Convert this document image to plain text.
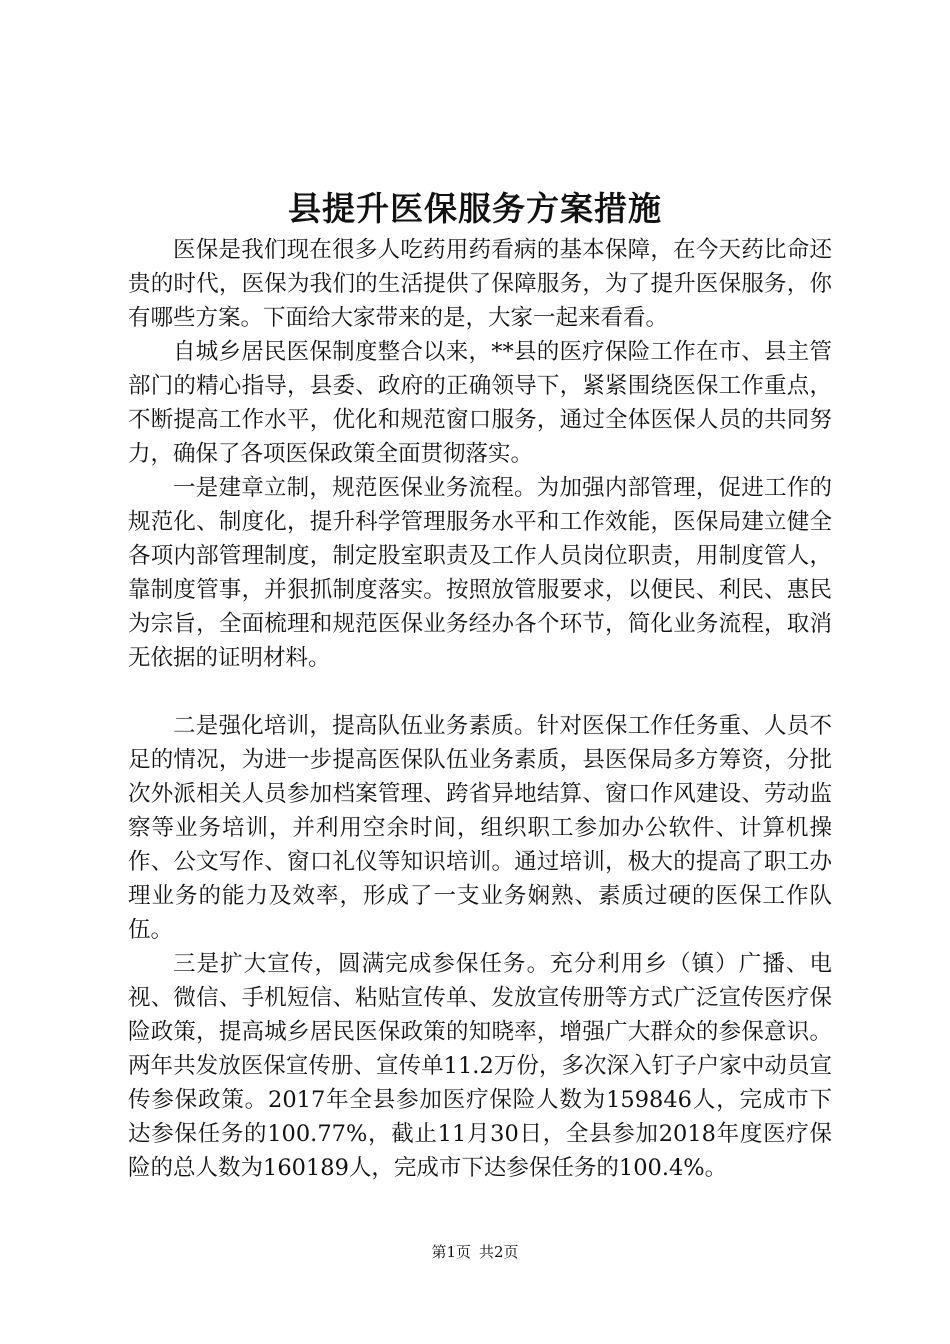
县提升医保服务方案措施

医保是我们现在很多人吃药用药看病的基本保障，在今天药比命还贵的时代，医保为我们的生活提供了保障服务，为了提升医保服务，你有哪些方案。下面给大家带来的是，大家一起来看看。

自城乡居民医保制度整合以来，**县的医疗保险工作在市、县主管部门的精心指导，县委、政府的正确领导下，紧紧围绕医保工作重点，不断提高工作水平，优化和规范窗口服务，通过全体医保人员的共同努力，确保了各项医保政策全面贯彻落实。

一是建章立制，规范医保业务流程。为加强内部管理，促进工作的规范化、制度化，提升科学管理服务水平和工作效能，医保局建立健全各项内部管理制度，制定股室职责及工作人员岗位职责，用制度管人，靠制度管事，并狠抓制度落实。按照放管服要求，以便民、利民、惠民为宗旨，全面梳理和规范医保业务经办各个环节，简化业务流程，取消无依据的证明材料。

二是强化培训，提高队伍业务素质。针对医保工作任务重、人员不足的情况，为进一步提高医保队伍业务素质，县医保局多方筹资，分批次外派相关人员参加档案管理、跨省异地结算、窗口作风建设、劳动监察等业务培训，并利用空余时间，组织职工参加办公软件、计算机操作、公文写作、窗口礼仪等知识培训。通过培训，极大的提高了职工办理业务的能力及效率，形成了一支业务娴熟、素质过硬的医保工作队伍。

三是扩大宣传，圆满完成参保任务。充分利用乡（镇）广播、电视、微信、手机短信、粘贴宣传单、发放宣传册等方式广泛宣传医疗保险政策，提高城乡居民医保政策的知晓率，增强广大群众的参保意识。两年共发放医保宣传册、宣传单11.2万份，多次深入钉子户家中动员宣传参保政策。2017年全县参加医疗保险人数为159846人，完成市下达参保任务的100.77%，截止11月30日，全县参加2018年度医疗保险的总人数为160189人，完成市下达参保任务的100.4%。

第1页 共2页
